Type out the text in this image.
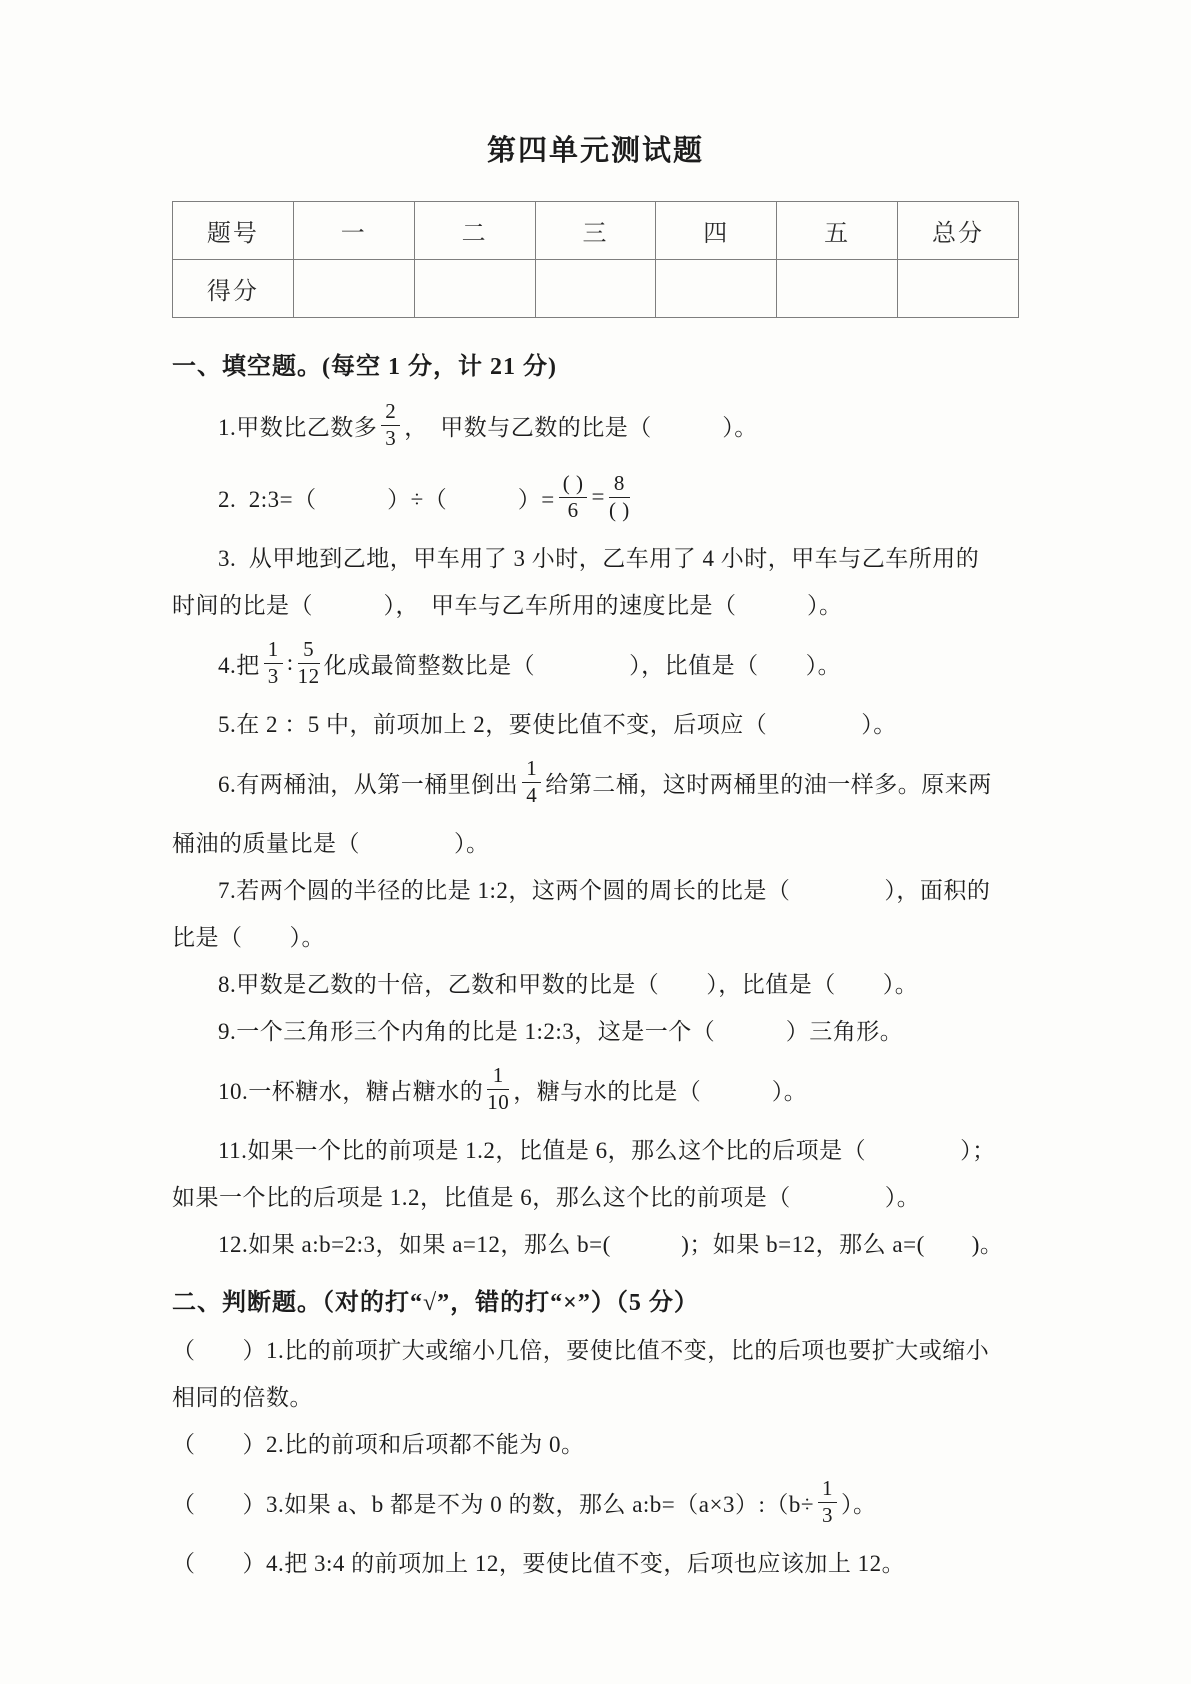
第四单元测试题
题号	一	二	三	四	五	总分
得分						
一、填空题。(每空 1 分，计 21 分)
1.甲数比乙数多 $\frac{2}{3}$ ，  甲数与乙数的比是（　　　）。
2.  2:3=（　　　）÷（　　　）= $\frac{( )}{6} = \frac{8}{( )}$
3.  从甲地到乙地，甲车用了 3 小时，乙车用了 4 小时，甲车与乙车所用的
时间的比是（　　　），　甲车与乙车所用的速度比是（　　　）。
4.把 $\frac{1}{3}$ : $\frac{5}{12}$ 化成最简整数比是（　　　　），比值是（　　）。
5.在 2 ：5 中，前项加上 2，要使比值不变，后项应（　　　　）。
6.有两桶油，从第一桶里倒出 $\frac{1}{4}$ 给第二桶，这时两桶里的油一样多。原来两
桶油的质量比是（　　　　）。
7.若两个圆的半径的比是 1:2，这两个圆的周长的比是（　　　　），面积的
比是（　　）。
8.甲数是乙数的十倍，乙数和甲数的比是（　　），比值是（　　）。
9.一个三角形三个内角的比是 1:2:3，这是一个（　　　）三角形。
10.一杯糖水，糖占糖水的 $\frac{1}{10}$ ，糖与水的比是（　　　）。
11.如果一个比的前项是 1.2，比值是 6，那么这个比的后项是（　　　　）；
如果一个比的后项是 1.2，比值是 6，那么这个比的前项是（　　　　）。
12.如果 a:b=2:3，如果 a=12，那么 b=(　　　)；如果 b=12，那么 a=(　　)。
二、判断题。（对的打“√”，错的打“×”）（5 分）
（　　）1.比的前项扩大或缩小几倍，要使比值不变，比的后项也要扩大或缩小
相同的倍数。
（　　）2.比的前项和后项都不能为 0。
（　　）3.如果 a、b 都是不为 0 的数，那么 a:b=（a×3）:（b÷ $\frac{1}{3}$ ）。
（　　）4.把 3:4 的前项加上 12，要使比值不变，后项也应该加上 12。
